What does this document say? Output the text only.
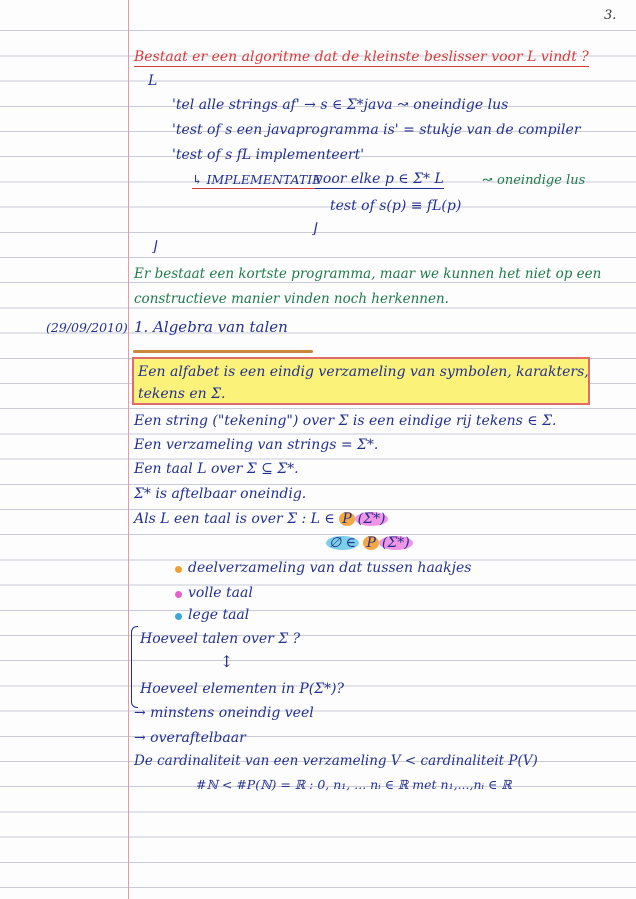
3.
Bestaat er een algoritme dat de kleinste beslisser voor L vindt ?
L
'tel alle strings af' → s ∈ Σ*java ↝ oneindige lus
'test of s een javaprogramma is' = stukje van de compiler
'test of s fL implementeert'
↳ IMPLEMENTATIE
voor elke p ∈ Σ* L	↝ oneindige lus
test of s(p) ≡ fL(p)
⌋
⌋
Er bestaat een kortste programma, maar we kunnen het niet op een
constructieve manier vinden noch herkennen.
(29/09/2010) 1. Algebra van talen
Een alfabet is een eindig verzameling van symbolen, karakters,
tekens en Σ.
Een string ("tekening") over Σ is een eindige rij tekens ∈ Σ.
Een verzameling van strings = Σ*.
Een taal L over Σ ⊆ Σ*.
Σ* is aftelbaar oneindig.
Als L een taal is over Σ : L ∈ P (Σ*)
∅ ∈ P (Σ*)
deelverzameling van dat tussen haakjes
volle taal
lege taal
Hoeveel talen over Σ ?
↕
Hoeveel elementen in P(Σ*)?
→ minstens oneindig veel
→ overaftelbaar
De cardinaliteit van een verzameling V < cardinaliteit P(V)
#ℕ < #P(ℕ) = ℝ : 0, n₁, ... nᵢ ∈ ℝ met n₁,...,nᵢ ∈ ℝ
